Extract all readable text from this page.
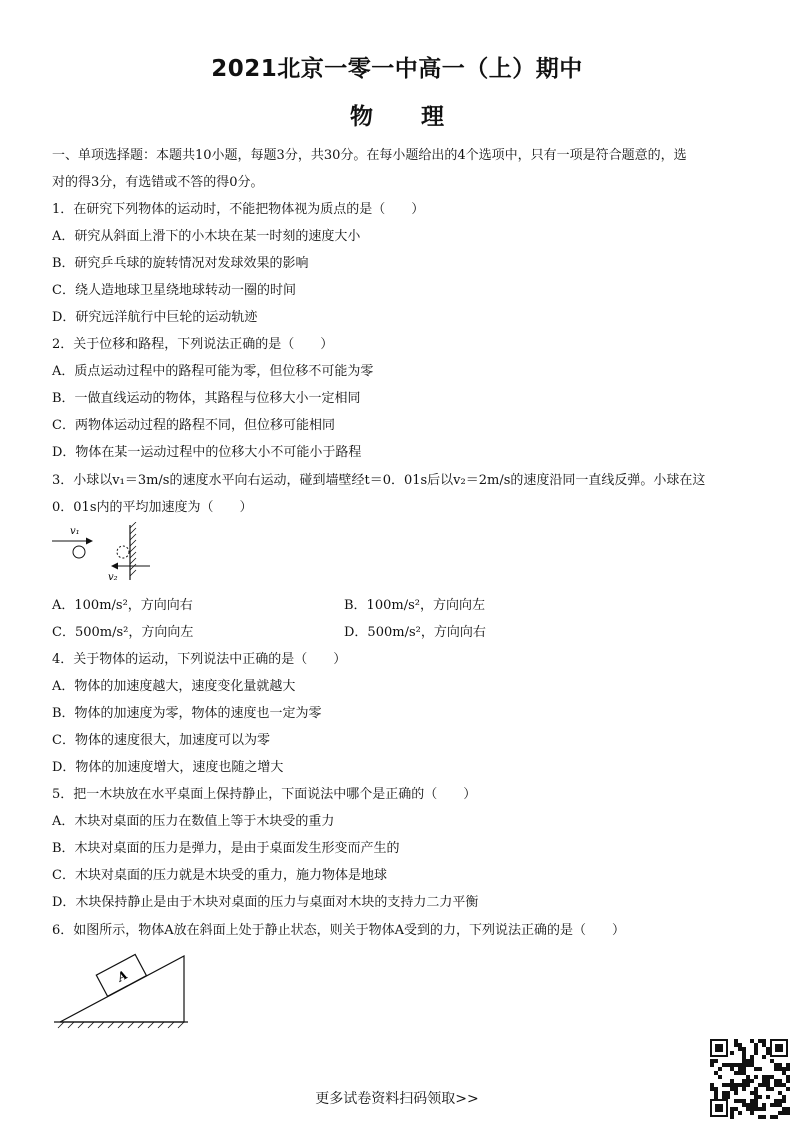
2021北京一零一中高一（上）期中
物 理
一、单项选择题：本题共10小题，每题3分，共30分。在每小题给出的4个选项中，只有一项是符合题意的，选
对的得3分，有选错或不答的得0分。
1．在研究下列物体的运动时，不能把物体视为质点的是（　　）
A．研究从斜面上滑下的小木块在某一时刻的速度大小
B．研究乒乓球的旋转情况对发球效果的影响
C．绕人造地球卫星绕地球转动一圈的时间
D．研究远洋航行中巨轮的运动轨迹
2．关于位移和路程，下列说法正确的是（　　）
A．质点运动过程中的路程可能为零，但位移不可能为零
B．一做直线运动的物体，其路程与位移大小一定相同
C．两物体运动过程的路程不同，但位移可能相同
D．物体在某一运动过程中的位移大小不可能小于路程
3．小球以v₁＝3m/s的速度水平向右运动，碰到墙壁经t＝0．01s后以v₂＝2m/s的速度沿同一直线反弹。小球在这
0．01s内的平均加速度为（　　）
v₁
v₂
A．100m/s²，方向向右	B．100m/s²，方向向左
C．500m/s²，方向向左	D．500m/s²，方向向右
4．关于物体的运动，下列说法中正确的是（　　）
A．物体的加速度越大，速度变化量就越大
B．物体的加速度为零，物体的速度也一定为零
C．物体的速度很大，加速度可以为零
D．物体的加速度增大，速度也随之增大
5．把一木块放在水平桌面上保持静止，下面说法中哪个是正确的（　　）
A．木块对桌面的压力在数值上等于木块受的重力
B．木块对桌面的压力是弹力，是由于桌面发生形变而产生的
C．木块对桌面的压力就是木块受的重力，施力物体是地球
D．木块保持静止是由于木块对桌面的压力与桌面对木块的支持力二力平衡
6．如图所示，物体A放在斜面上处于静止状态，则关于物体A受到的力，下列说法正确的是（　　）
A
更多试卷资料扫码领取>>
